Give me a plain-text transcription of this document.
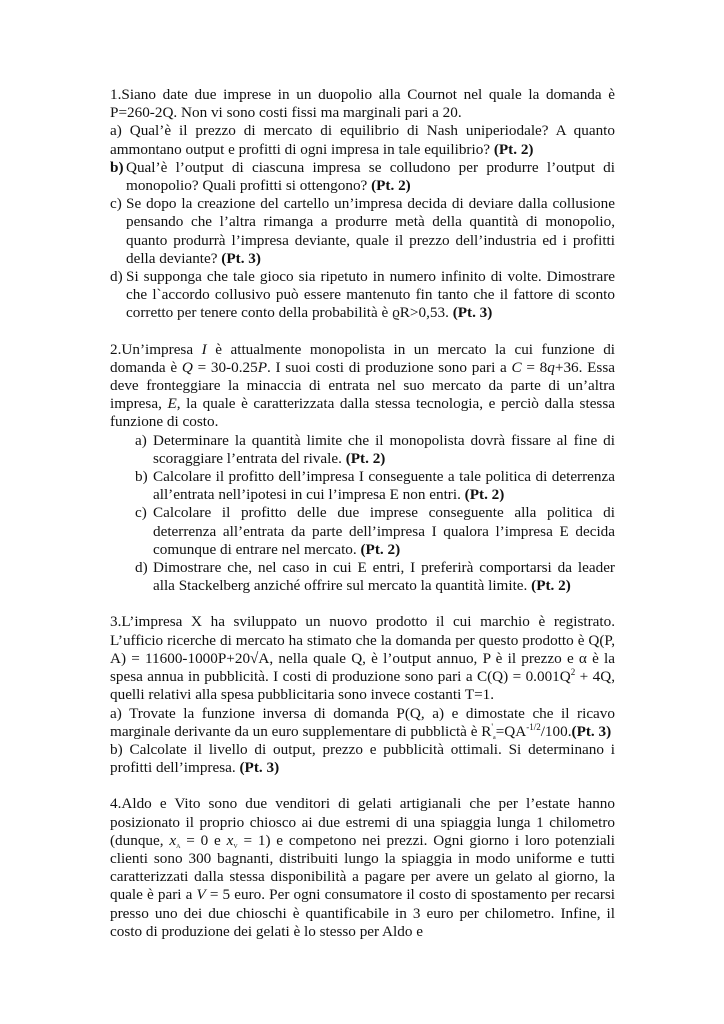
1.Siano date due imprese in un duopolio alla Cournot nel quale la domanda è P=260-2Q. Non vi sono costi fissi ma marginali pari a 20.

a) Qual’è il prezzo di mercato di equilibrio di Nash uniperiodale? A quanto ammontano output e profitti di ogni impresa in tale equilibrio? (Pt. 2)

b) Qual’è l’output di ciascuna impresa se colludono per produrre l’output di monopolio? Quali profitti si ottengono? (Pt. 2)
c) Se dopo la creazione del cartello un’impresa decida di deviare dalla collusione pensando che l’altra rimanga a produrre metà della quantità di monopolio, quanto produrrà l’impresa deviante, quale il prezzo dell’industria ed i profitti della deviante? (Pt. 3)
d) Si supponga che tale gioco sia ripetuto in numero infinito di volte. Dimostrare che l`accordo collusivo può essere mantenuto fin tanto che il fattore di sconto corretto per tenere conto della probabilità è ϱR>0,53. (Pt. 3)

2.Un’impresa I è attualmente monopolista in un mercato la cui funzione di domanda è Q = 30-0.25P. I suoi costi di produzione sono pari a C = 8q+36. Essa deve fronteggiare la minaccia di entrata nel suo mercato da parte di un’altra impresa, E, la quale è caratterizzata dalla stessa tecnologia, e perciò dalla stessa funzione di costo.

a) Determinare la quantità limite che il monopolista dovrà fissare al fine di scoraggiare l’entrata del rivale. (Pt. 2)
b) Calcolare il profitto dell’impresa I conseguente a tale politica di deterrenza all’entrata nell’ipotesi in cui l’impresa E non entri. (Pt. 2)
c) Calcolare il profitto delle due imprese conseguente alla politica di deterrenza all’entrata da parte dell’impresa I qualora l’impresa E decida comunque di entrare nel mercato. (Pt. 2)
d) Dimostrare che, nel caso in cui E entri, I preferirà comportarsi da leader alla Stackelberg anziché offrire sul mercato la quantità limite. (Pt. 2)

3.L’impresa X ha sviluppato un nuovo prodotto il cui marchio è registrato. L’ufficio ricerche di mercato ha stimato che la domanda per questo prodotto è Q(P, A) = 11600-1000P+20√A, nella quale Q, è l’output annuo, P è il prezzo e α è la spesa annua in pubblicità. I costi di produzione sono pari a $C(Q) = 0.001Q^2 + 4Q$, quelli relativi alla spesa pubblicitaria sono invece costanti T=1.

a) Trovate la funzione inversa di domanda P(Q, a) e dimostate che il ricavo marginale derivante da un euro supplementare di pubblictà è $R'_a=QA^{-1/2}/100.(Pt$. 3)

b) Calcolate il livello di output, prezzo e pubblicità ottimali. Si determinano i profitti dell’impresa. (Pt. 3)

4.Aldo e Vito sono due venditori di gelati artigianali che per l’estate hanno posizionato il proprio chiosco ai due estremi di una spiaggia lunga 1 chilometro (dunque, $x_A = 0$ e $x_V = 1$) e competono nei prezzi. Ogni giorno i loro potenziali clienti sono 300 bagnanti, distribuiti lungo la spiaggia in modo uniforme e tutti caratterizzati dalla stessa disponibilità a pagare per avere un gelato al giorno, la quale è pari a V = 5 euro. Per ogni consumatore il costo di spostamento per recarsi presso uno dei due chioschi è quantificabile in 3 euro per chilometro. Infine, il costo di produzione dei gelati è lo stesso per Aldo e
